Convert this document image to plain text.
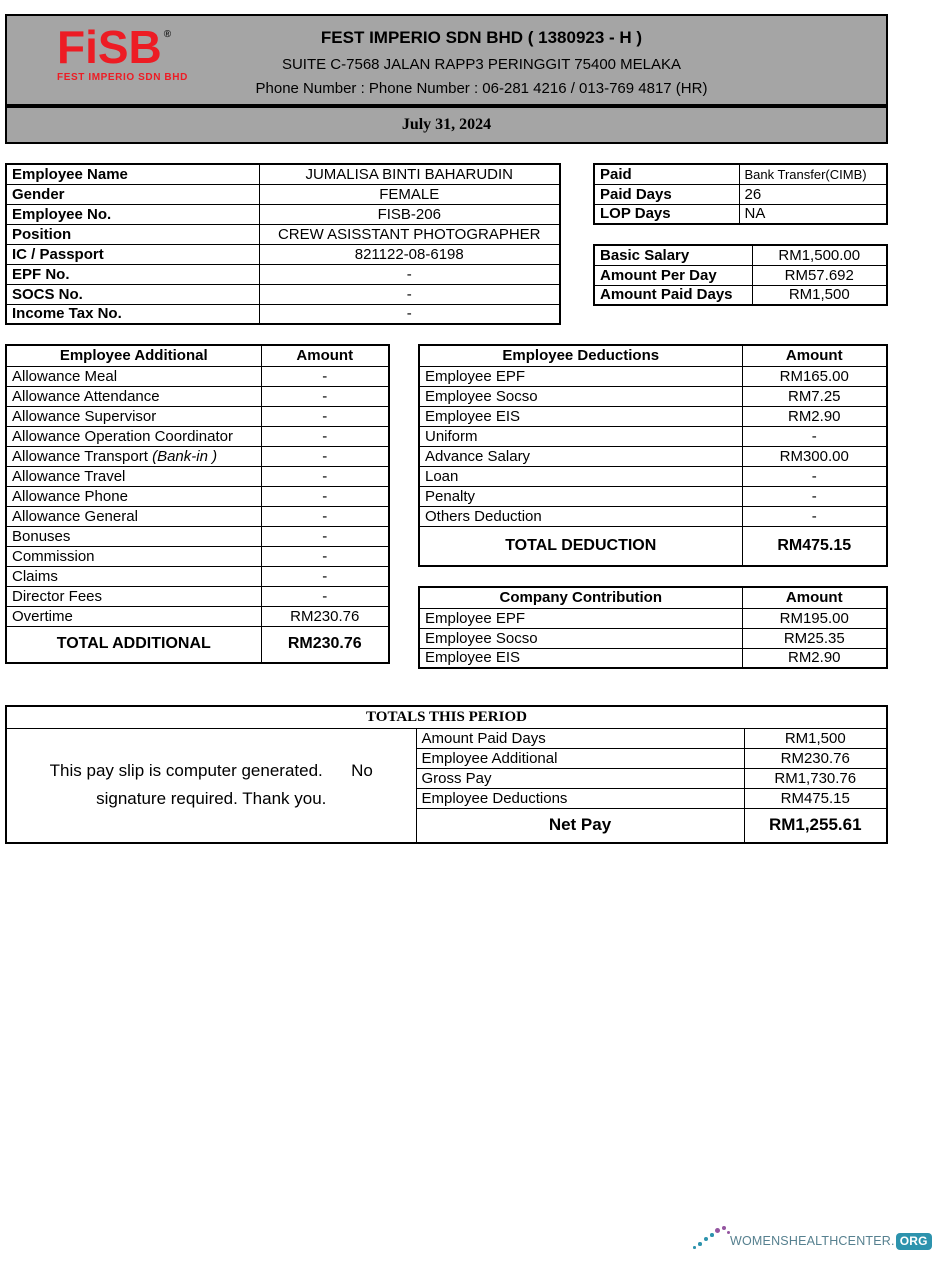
FiSB ®
FEST IMPERIO SDN BHD
FEST IMPERIO SDN BHD ( 1380923 - H )
SUITE C-7568 JALAN RAPP3 PERINGGIT 75400 MELAKA
Phone Number : Phone Number : 06-281 4216 / 013-769 4817 (HR)
July 31, 2024
Employee Name	JUMALISA BINTI BAHARUDIN
Gender	FEMALE
Employee No.	FISB-206
Position	CREW ASISSTANT PHOTOGRAPHER
IC / Passport	821122-08-6198
EPF No.	-
SOCS No.	-
Income Tax No.	-
Paid	Bank Transfer(CIMB)
Paid Days	26
LOP Days	NA
Basic Salary	RM1,500.00
Amount Per Day	RM57.692
Amount Paid Days	RM1,500
Employee Additional	Amount
Allowance Meal	-
Allowance Attendance	-
Allowance Supervisor	-
Allowance Operation Coordinator	-
Allowance Transport (Bank-in )	-
Allowance Travel	-
Allowance Phone	-
Allowance General	-
Bonuses	-
Commission	-
Claims	-
Director Fees	-
Overtime	RM230.76
TOTAL ADDITIONAL	RM230.76
Employee Deductions	Amount
Employee EPF	RM165.00
Employee Socso	RM7.25
Employee EIS	RM2.90
Uniform	-
Advance Salary	RM300.00
Loan	-
Penalty	-
Others Deduction	-
TOTAL DEDUCTION	RM475.15
Company Contribution	Amount
Employee EPF	RM195.00
Employee Socso	RM25.35
Employee EIS	RM2.90
TOTALS THIS PERIOD		
This pay slip is computer generated.      No
signature required. Thank you.	Amount Paid Days	RM1,500
	Employee Additional	RM230.76
	Gross Pay	RM1,730.76
	Employee Deductions	RM475.15
	Net Pay	RM1,255.61
WOMENSHEALTHCENTER. ORG
